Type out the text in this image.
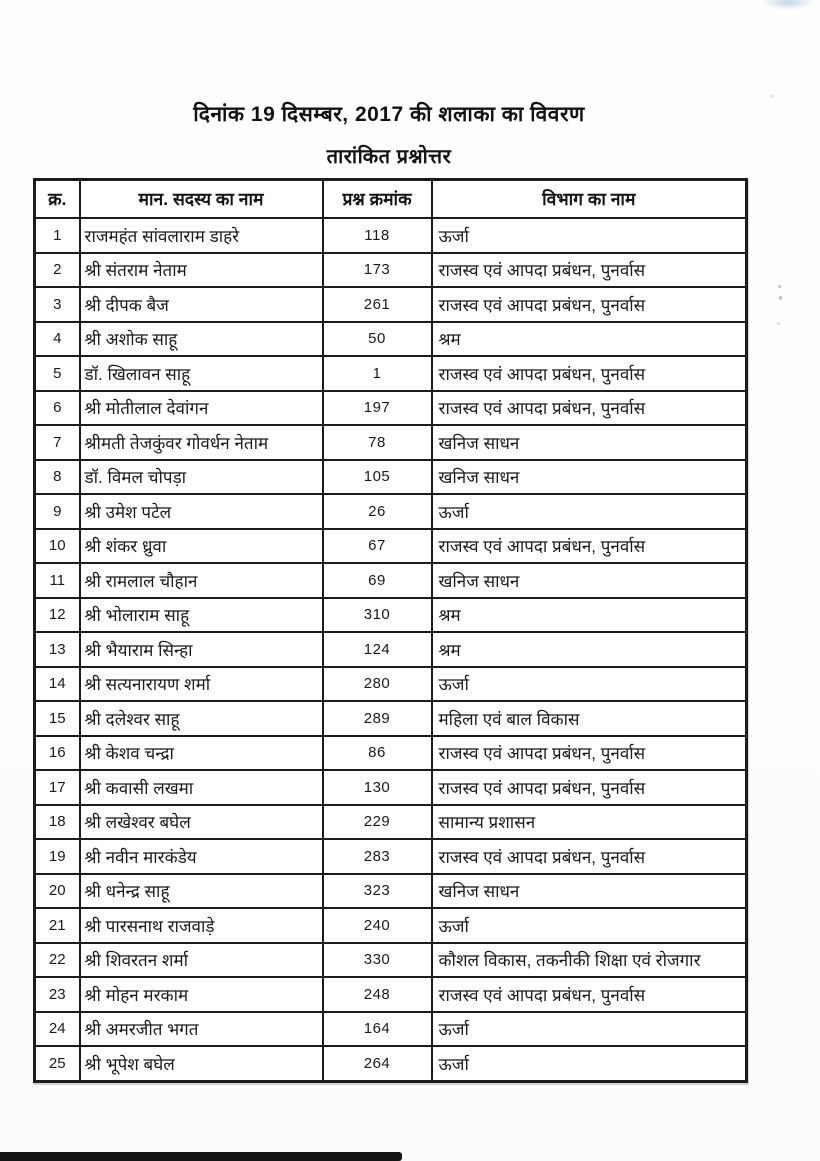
दिनांक 19 दिसम्बर, 2017 की शलाका का विवरण
तारांकित प्रश्नोत्तर
क्र.	मान. सदस्य का नाम	प्रश्न क्रमांक	विभाग का नाम
1	राजमहंत सांवलाराम डाहरे	118	ऊर्जा
2	श्री संतराम नेताम	173	राजस्व एवं आपदा प्रबंधन, पुनर्वास
3	श्री दीपक बैज	261	राजस्व एवं आपदा प्रबंधन, पुनर्वास
4	श्री अशोक साहू	50	श्रम
5	डॉ. खिलावन साहू	1	राजस्व एवं आपदा प्रबंधन, पुनर्वास
6	श्री मोतीलाल देवांगन	197	राजस्व एवं आपदा प्रबंधन, पुनर्वास
7	श्रीमती तेजकुंवर गोवर्धन नेताम	78	खनिज साधन
8	डॉ. विमल चोपड़ा	105	खनिज साधन
9	श्री उमेश पटेल	26	ऊर्जा
10	श्री शंकर ध्रुवा	67	राजस्व एवं आपदा प्रबंधन, पुनर्वास
11	श्री रामलाल चौहान	69	खनिज साधन
12	श्री भोलाराम साहू	310	श्रम
13	श्री भैयाराम सिन्हा	124	श्रम
14	श्री सत्यनारायण शर्मा	280	ऊर्जा
15	श्री दलेश्वर साहू	289	महिला एवं बाल विकास
16	श्री केशव चन्द्रा	86	राजस्व एवं आपदा प्रबंधन, पुनर्वास
17	श्री कवासी लखमा	130	राजस्व एवं आपदा प्रबंधन, पुनर्वास
18	श्री लखेश्वर बघेल	229	सामान्य प्रशासन
19	श्री नवीन मारकंडेय	283	राजस्व एवं आपदा प्रबंधन, पुनर्वास
20	श्री धनेन्द्र साहू	323	खनिज साधन
21	श्री पारसनाथ राजवाड़े	240	ऊर्जा
22	श्री शिवरतन शर्मा	330	कौशल विकास, तकनीकी शिक्षा एवं रोजगार
23	श्री मोहन मरकाम	248	राजस्व एवं आपदा प्रबंधन, पुनर्वास
24	श्री अमरजीत भगत	164	ऊर्जा
25	श्री भूपेश बघेल	264	ऊर्जा
